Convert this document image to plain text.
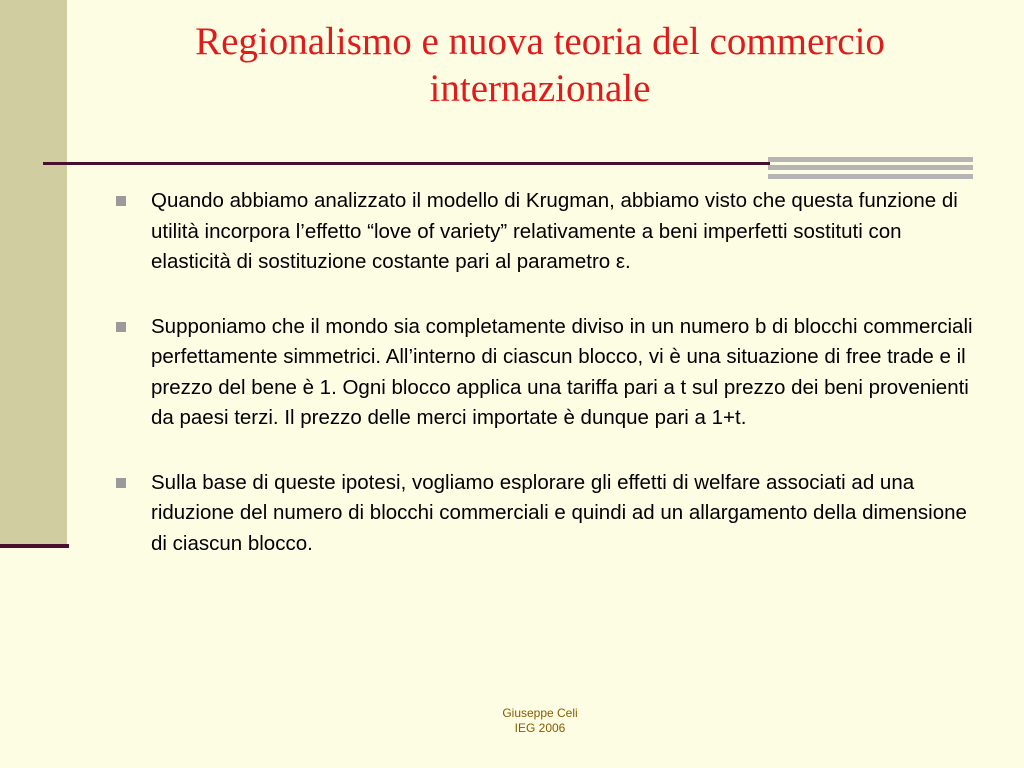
Regionalismo e nuova teoria del commercio internazionale
Quando abbiamo analizzato il modello di Krugman, abbiamo visto che questa funzione di utilità incorpora l’effetto “love of variety” relativamente a beni imperfetti sostituti con elasticità di sostituzione costante pari al parametro ε.
Supponiamo che il mondo sia completamente diviso in un numero b di blocchi commerciali perfettamente simmetrici. All’interno di ciascun blocco, vi è una situazione di free trade e il prezzo del bene è 1. Ogni blocco applica una tariffa pari a t sul prezzo dei beni provenienti da paesi terzi. Il prezzo delle merci importate è dunque pari a 1+t.
Sulla base di queste ipotesi, vogliamo esplorare gli effetti di welfare associati ad una riduzione del numero di blocchi commerciali e quindi ad un allargamento della dimensione di ciascun blocco.
Giuseppe Celi
IEG 2006
